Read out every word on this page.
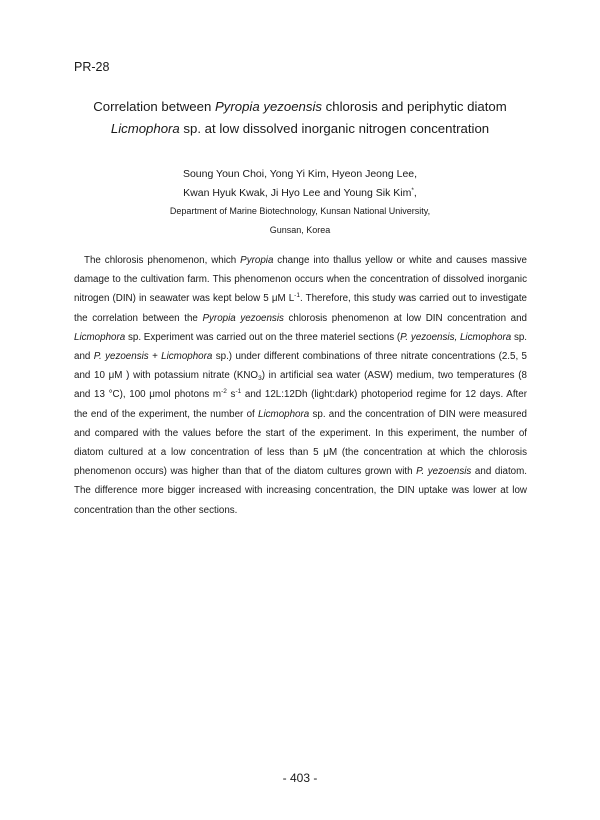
PR-28
Correlation between Pyropia yezoensis chlorosis and periphytic diatom
Licmophora sp. at low dissolved inorganic nitrogen concentration
Soung Youn Choi, Yong Yi Kim, Hyeon Jeong Lee,
Kwan Hyuk Kwak, Ji Hyo Lee and Young Sik Kim*,
Department of Marine Biotechnology, Kunsan National University,
Gunsan, Korea

The chlorosis phenomenon, which Pyropia change into thallus yellow or white and causes massive damage to the cultivation farm. This phenomenon occurs when the concentration of dissolved inorganic nitrogen (DIN) in seawater was kept below 5 μM $L^{-1}$. Therefore, this study was carried out to investigate the correlation between the Pyropia yezoensis chlorosis phenomenon at low DIN concentration and Licmophora sp. Experiment was carried out on the three materiel sections (P. yezoensis, Licmophora sp. and P. yezoensis + Licmophora sp.) under different combinations of three nitrate concentrations (2.5, 5 and 10 μM ) with potassium nitrate $(KNO_3)$ in artificial sea water (ASW) medium, two temperatures (8 and 13 °C), 100 μmol photons $m^{-2}$ $s^{-1}$ and 12L:12Dh (light:dark) photoperiod regime for 12 days. After the end of the experiment, the number of Licmophora sp. and the concentration of DIN were measured and compared with the values before the start of the experiment. In this experiment, the number of diatom cultured at a low concentration of less than 5 μM (the concentration at which the chlorosis phenomenon occurs) was higher than that of the diatom cultures grown with P. yezoensis and diatom. The difference more bigger increased with increasing concentration, the DIN uptake was lower at low concentration than the other sections.

- 403 -
